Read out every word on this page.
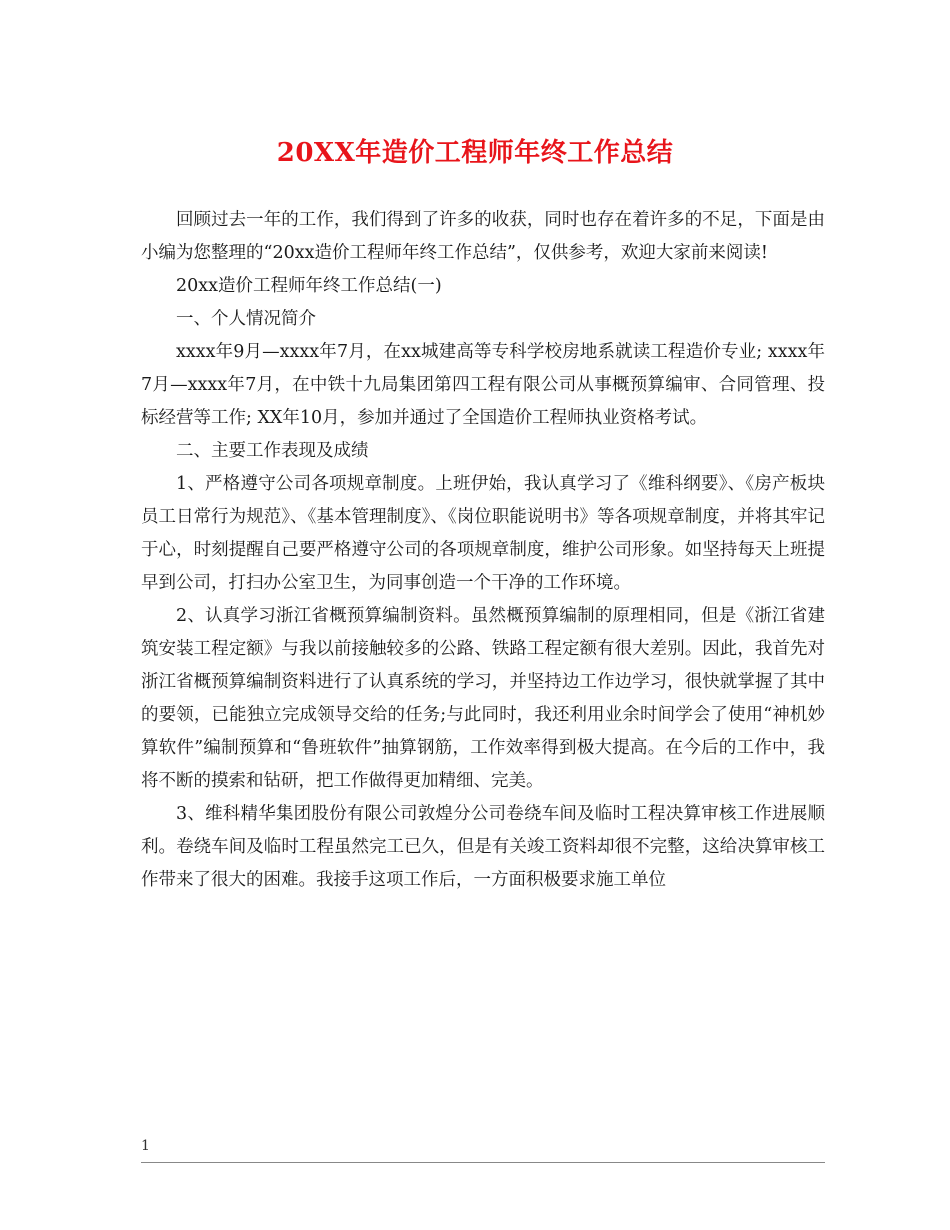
20XX年造价工程师年终工作总结

回顾过去一年的工作，我们得到了许多的收获，同时也存在着许多的不足，下面是由小编为您整理的“20xx造价工程师年终工作总结”，仅供参考，欢迎大家前来阅读!

20xx造价工程师年终工作总结(一)

一、个人情况简介

xxxx年9月—xxxx年7月，在xx城建高等专科学校房地系就读工程造价专业; xxxx年7月—xxxx年7月，在中铁十九局集团第四工程有限公司从事概预算编审、合同管理、投标经营等工作; XX年10月，参加并通过了全国造价工程师执业资格考试。

二、主要工作表现及成绩

1、严格遵守公司各项规章制度。上班伊始，我认真学习了《维科纲要》、《房产板块员工日常行为规范》、《基本管理制度》、《岗位职能说明书》等各项规章制度，并将其牢记于心，时刻提醒自己要严格遵守公司的各项规章制度，维护公司形象。如坚持每天上班提早到公司，打扫办公室卫生，为同事创造一个干净的工作环境。

2、认真学习浙江省概预算编制资料。虽然概预算编制的原理相同，但是《浙江省建筑安装工程定额》与我以前接触较多的公路、铁路工程定额有很大差别。因此，我首先对浙江省概预算编制资料进行了认真系统的学习，并坚持边工作边学习，很快就掌握了其中的要领，已能独立完成领导交给的任务;与此同时，我还利用业余时间学会了使用“神机妙算软件”编制预算和“鲁班软件”抽算钢筋，工作效率得到极大提高。在今后的工作中，我将不断的摸索和钻研，把工作做得更加精细、完美。

3、维科精华集团股份有限公司敦煌分公司卷绕车间及临时工程决算审核工作进展顺利。卷绕车间及临时工程虽然完工已久，但是有关竣工资料却很不完整，这给决算审核工作带来了很大的困难。我接手这项工作后，一方面积极要求施工单位

1
